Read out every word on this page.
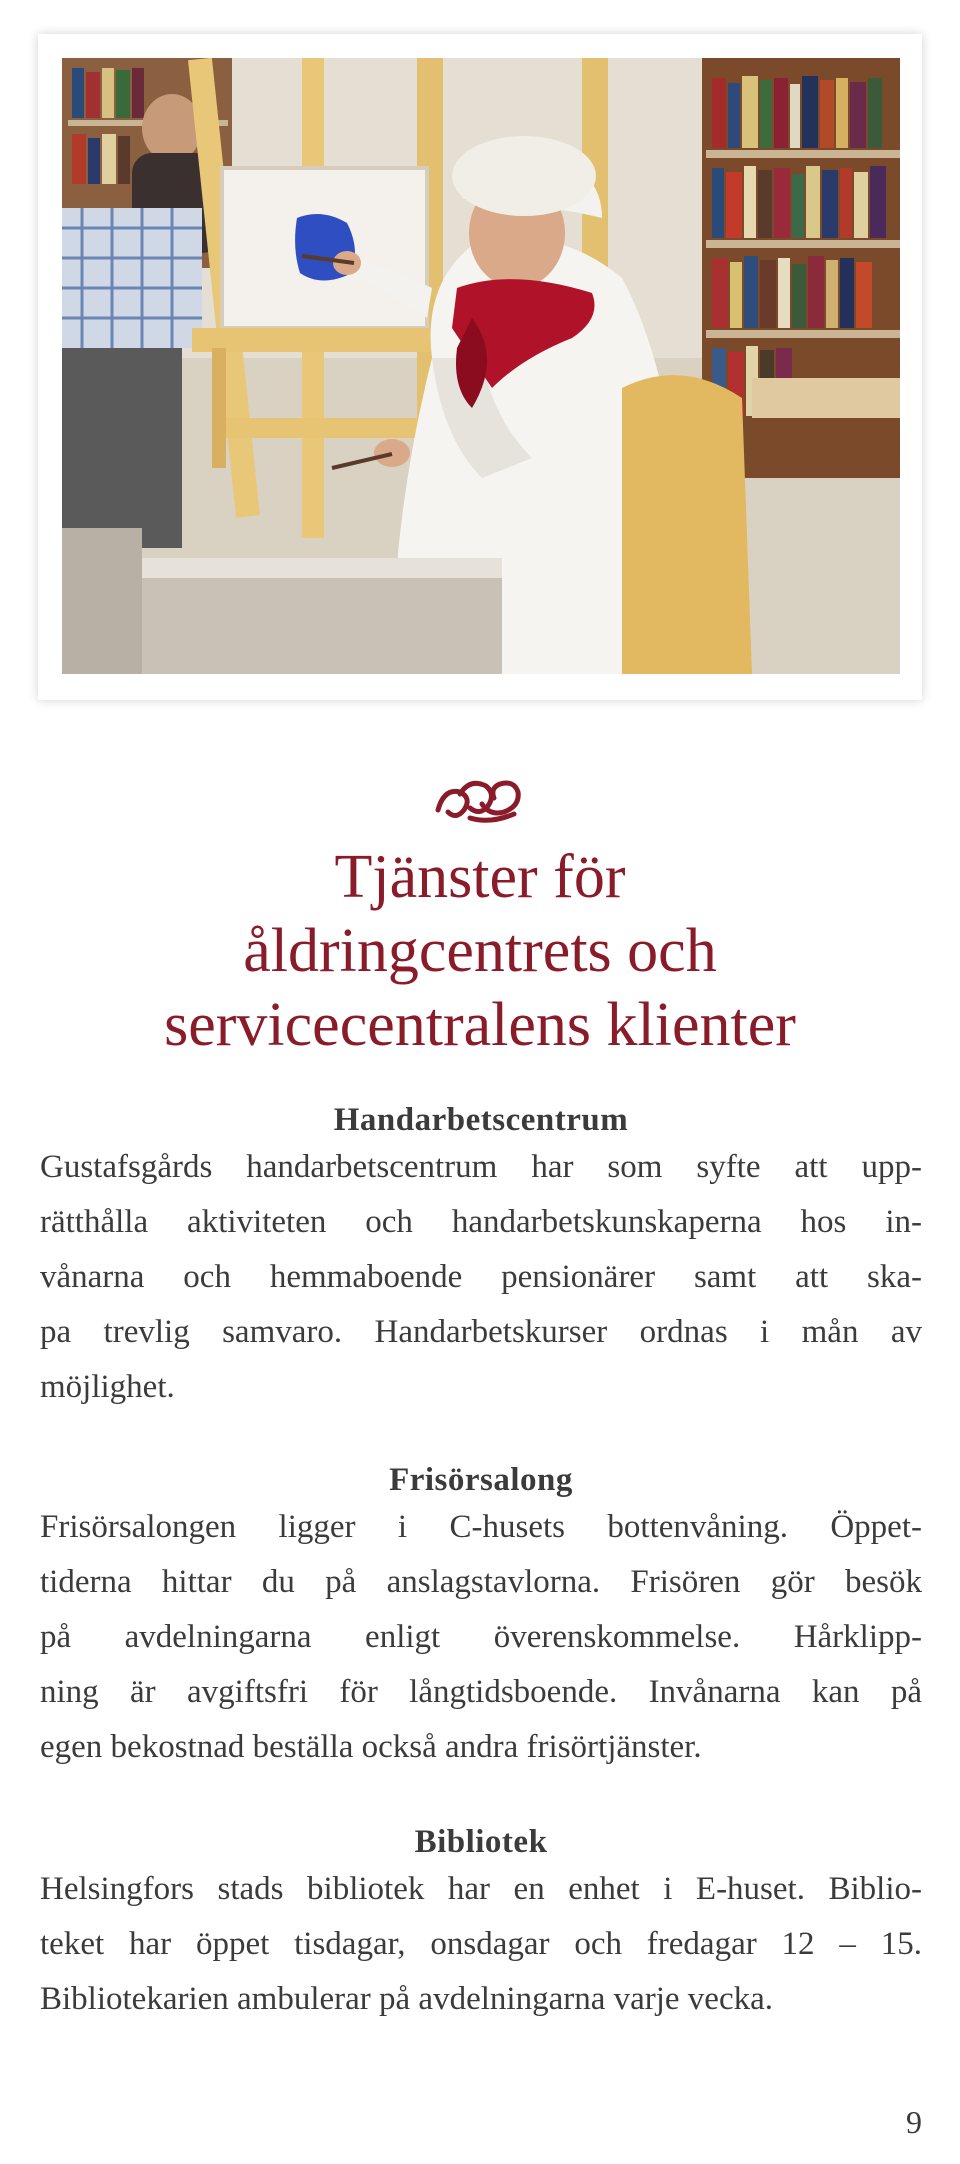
Tjänster för
åldringcentrets och
servicecentralens klienter
Handarbetscentrum

Gustafsgårds handarbetscentrum har som syfte att upp-
rätthålla aktiviteten och handarbetskunskaperna hos in-
vånarna och hemmaboende pensionärer samt att ska-
pa trevlig samvaro. Handarbetskurser ordnas i mån av
möjlighet.

Frisörsalong

Frisörsalongen ligger i C-husets bottenvåning. Öppet-
tiderna hittar du på anslagstavlorna. Frisören gör besök
på avdelningarna enligt överenskommelse. Hårklipp-
ning är avgiftsfri för långtidsboende. Invånarna kan på
egen bekostnad beställa också andra frisörtjänster.

Bibliotek

Helsingfors stads bibliotek har en enhet i E-huset. Biblio-
teket har öppet tisdagar, onsdagar och fredagar 12 – 15.
Bibliotekarien ambulerar på avdelningarna varje vecka.

9
